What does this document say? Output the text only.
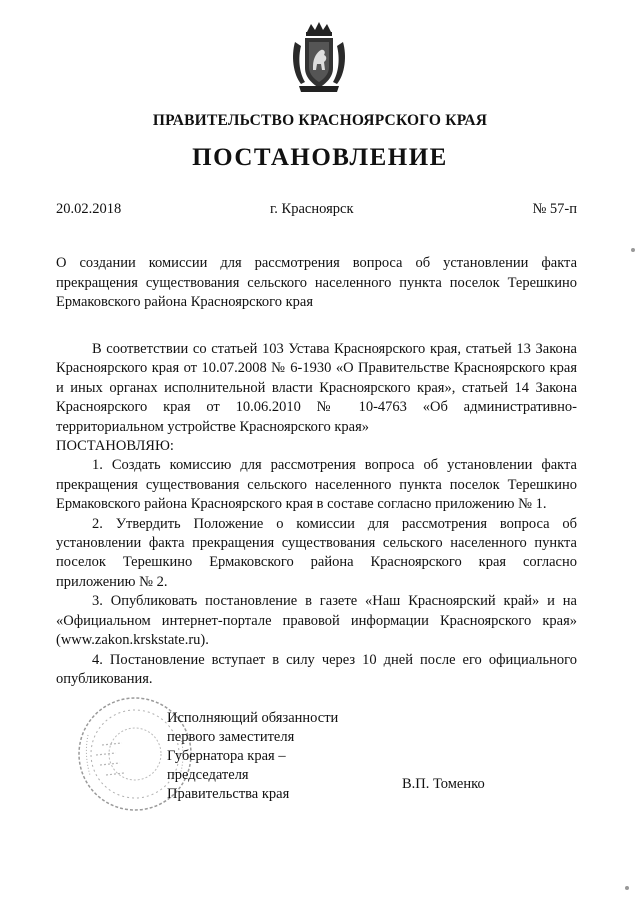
ПРАВИТЕЛЬСТВО КРАСНОЯРСКОГО КРАЯ
ПОСТАНОВЛЕНИЕ
20.02.2018	г. Красноярск	№ 57-п
О создании комиссии для рассмотрения вопроса об установлении факта прекращения существования сельского населенного пункта поселок Терешкино Ермаковского района Красноярского края

В соответствии со статьей 103 Устава Красноярского края, статьей 13 Закона Красноярского края от 10.07.2008 № 6-1930 «О Правительстве Красноярского края и иных органах исполнительной власти Красноярского края», статьей 14 Закона Красноярского края от 10.06.2010 № 10-4763 «Об административно-территориальном устройстве Красноярского края»

ПОСТАНОВЛЯЮ:

1. Создать комиссию для рассмотрения вопроса об установлении факта прекращения существования сельского населенного пункта поселок Терешкино Ермаковского района Красноярского края в составе согласно приложению № 1.

2. Утвердить Положение о комиссии для рассмотрения вопроса об установлении факта прекращения существования сельского населенного пункта поселок Терешкино Ермаковского района Красноярского края согласно приложению № 2.

3. Опубликовать постановление в газете «Наш Красноярский край» и на «Официальном интернет-портале правовой информации Красноярского края» (www.zakon.krskstate.ru).

4. Постановление вступает в силу через 10 дней после его официального опубликования.

Исполняющий обязанности
первого заместителя
Губернатора края –
председателя
Правительства края
В.П. Томенко
